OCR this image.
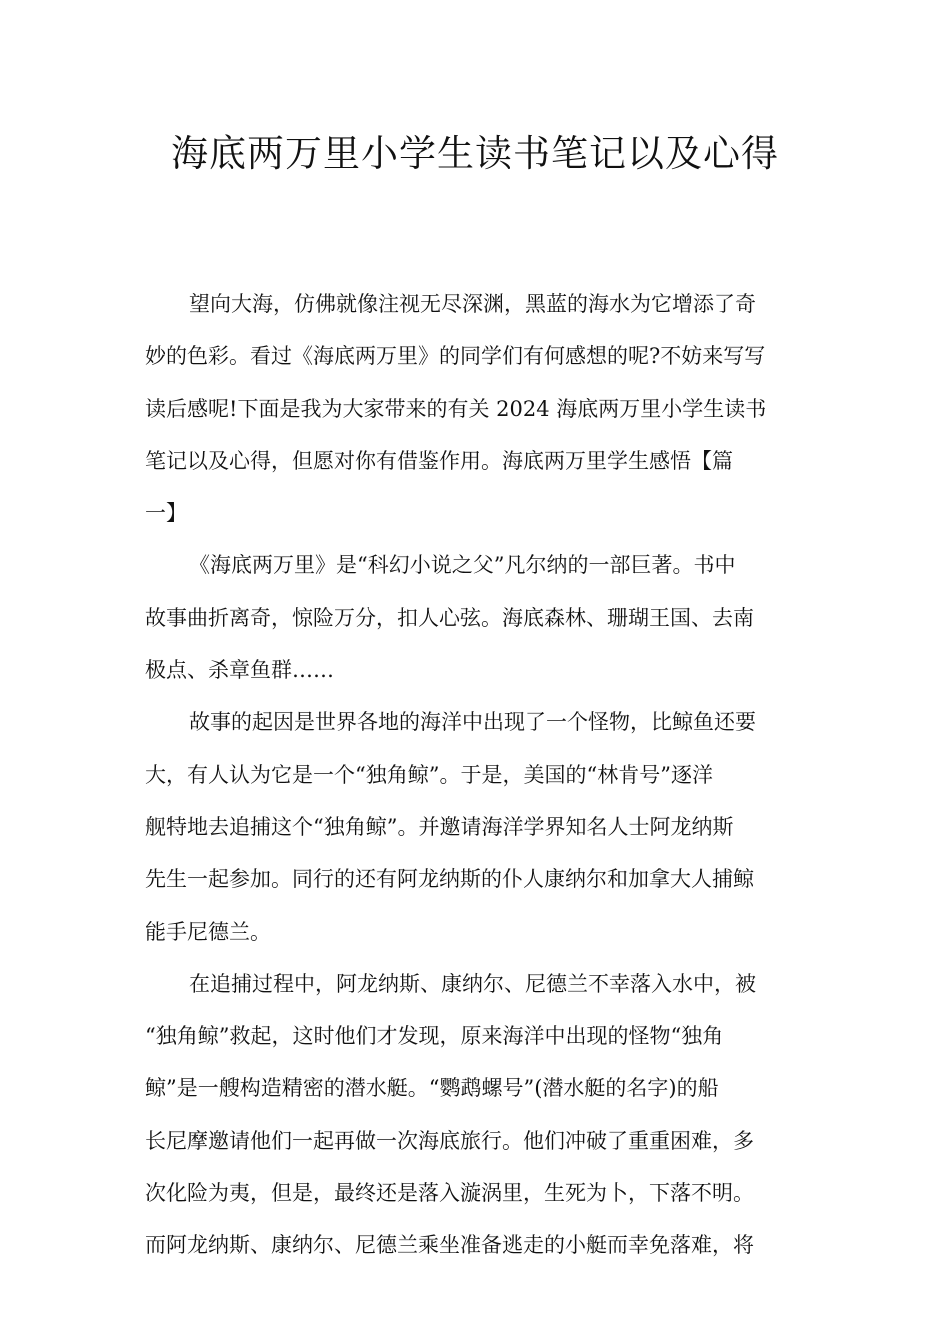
海底两万里小学生读书笔记以及心得

望向大海，仿佛就像注视无尽深渊，黑蓝的海水为它增添了奇
妙的色彩。看过《海底两万里》的同学们有何感想的呢?不妨来写写
读后感呢!下面是我为大家带来的有关 2024 海底两万里小学生读书
笔记以及心得，但愿对你有借鉴作用。海底两万里学生感悟【篇
一】

《海底两万里》是“科幻小说之父”凡尔纳的一部巨著。书中
故事曲折离奇，惊险万分，扣人心弦。海底森林、珊瑚王国、去南
极点、杀章鱼群……

故事的起因是世界各地的海洋中出现了一个怪物，比鲸鱼还要
大，有人认为它是一个“独角鲸”。于是，美国的“林肯号”逐洋
舰特地去追捕这个“独角鲸”。并邀请海洋学界知名人士阿龙纳斯
先生一起参加。同行的还有阿龙纳斯的仆人康纳尔和加拿大人捕鲸
能手尼德兰。

在追捕过程中，阿龙纳斯、康纳尔、尼德兰不幸落入水中，被
“独角鲸”救起，这时他们才发现，原来海洋中出现的怪物“独角
鲸”是一艘构造精密的潜水艇。“鹦鹉螺号”(潜水艇的名字)的船
长尼摩邀请他们一起再做一次海底旅行。他们冲破了重重困难，多
次化险为夷，但是，最终还是落入漩涡里，生死为卜，下落不明。
而阿龙纳斯、康纳尔、尼德兰乘坐准备逃走的小艇而幸免落难，将
